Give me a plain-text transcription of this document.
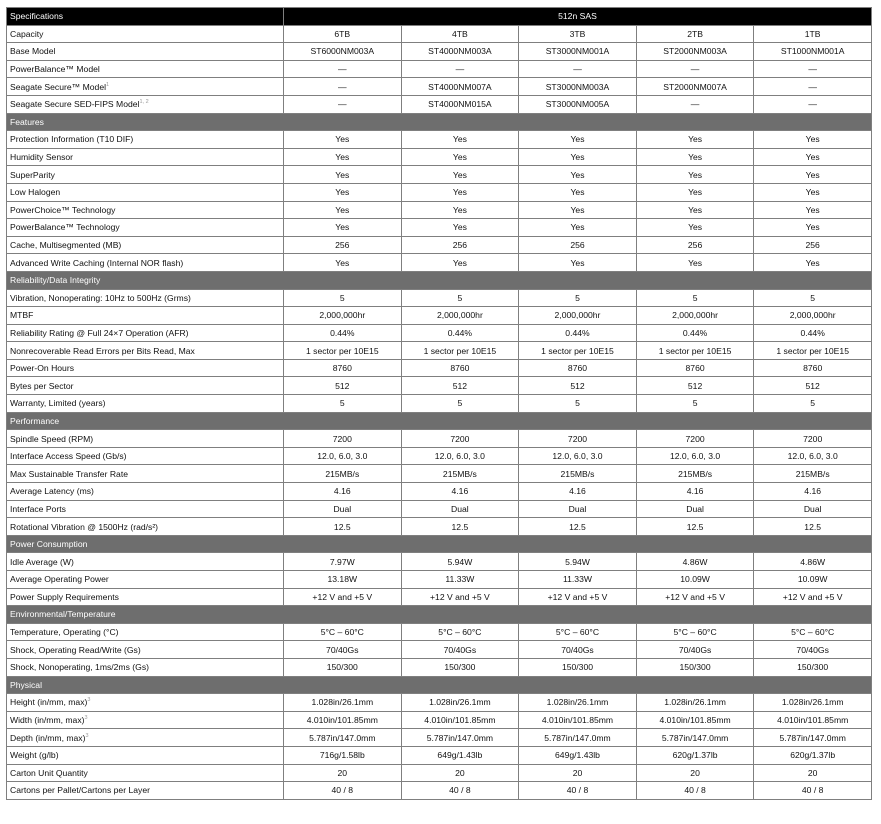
Specifications	512n SAS				
Capacity	6TB	4TB	3TB	2TB	1TB
Base Model	ST6000NM003A	ST4000NM003A	ST3000NM001A	ST2000NM003A	ST1000NM001A
PowerBalance™ Model	—	—	—	—	—
Seagate Secure™ Model$^1$	—	ST4000NM007A	ST3000NM003A	ST2000NM007A	—
Seagate Secure SED-FIPS Model$^{1, 2}$	—	ST4000NM015A	ST3000NM005A	—	—
Features					
Protection Information (T10 DIF)	Yes	Yes	Yes	Yes	Yes
Humidity Sensor	Yes	Yes	Yes	Yes	Yes
SuperParity	Yes	Yes	Yes	Yes	Yes
Low Halogen	Yes	Yes	Yes	Yes	Yes
PowerChoice™ Technology	Yes	Yes	Yes	Yes	Yes
PowerBalance™ Technology	Yes	Yes	Yes	Yes	Yes
Cache, Multisegmented (MB)	256	256	256	256	256
Advanced Write Caching (Internal NOR flash)	Yes	Yes	Yes	Yes	Yes
Reliability/Data Integrity					
Vibration, Nonoperating: 10Hz to 500Hz (Grms)	5	5	5	5	5
MTBF	2,000,000hr	2,000,000hr	2,000,000hr	2,000,000hr	2,000,000hr
Reliability Rating @ Full 24×7 Operation (AFR)	0.44%	0.44%	0.44%	0.44%	0.44%
Nonrecoverable Read Errors per Bits Read, Max	1 sector per 10E15	1 sector per 10E15	1 sector per 10E15	1 sector per 10E15	1 sector per 10E15
Power-On Hours	8760	8760	8760	8760	8760
Bytes per Sector	512	512	512	512	512
Warranty, Limited (years)	5	5	5	5	5
Performance					
Spindle Speed (RPM)	7200	7200	7200	7200	7200
Interface Access Speed (Gb/s)	12.0, 6.0, 3.0	12.0, 6.0, 3.0	12.0, 6.0, 3.0	12.0, 6.0, 3.0	12.0, 6.0, 3.0
Max Sustainable Transfer Rate	215MB/s	215MB/s	215MB/s	215MB/s	215MB/s
Average Latency (ms)	4.16	4.16	4.16	4.16	4.16
Interface Ports	Dual	Dual	Dual	Dual	Dual
Rotational Vibration @ 1500Hz (rad/s²)	12.5	12.5	12.5	12.5	12.5
Power Consumption					
Idle Average (W)	7.97W	5.94W	5.94W	4.86W	4.86W
Average Operating Power	13.18W	11.33W	11.33W	10.09W	10.09W
Power Supply Requirements	+12 V and +5 V	+12 V and +5 V	+12 V and +5 V	+12 V and +5 V	+12 V and +5 V
Environmental/Temperature					
Temperature, Operating (°C)	5°C – 60°C	5°C – 60°C	5°C – 60°C	5°C – 60°C	5°C – 60°C
Shock, Operating Read/Write (Gs)	70/40Gs	70/40Gs	70/40Gs	70/40Gs	70/40Gs
Shock, Nonoperating, 1ms/2ms (Gs)	150/300	150/300	150/300	150/300	150/300
Physical					
Height (in/mm, max)$^3$	1.028in/26.1mm	1.028in/26.1mm	1.028in/26.1mm	1.028in/26.1mm	1.028in/26.1mm
Width (in/mm, max)$^3$	4.010in/101.85mm	4.010in/101.85mm	4.010in/101.85mm	4.010in/101.85mm	4.010in/101.85mm
Depth (in/mm, max)$^3$	5.787in/147.0mm	5.787in/147.0mm	5.787in/147.0mm	5.787in/147.0mm	5.787in/147.0mm
Weight (g/lb)	716g/1.58lb	649g/1.43lb	649g/1.43lb	620g/1.37lb	620g/1.37lb
Carton Unit Quantity	20	20	20	20	20
Cartons per Pallet/Cartons per Layer	40 / 8	40 / 8	40 / 8	40 / 8	40 / 8
